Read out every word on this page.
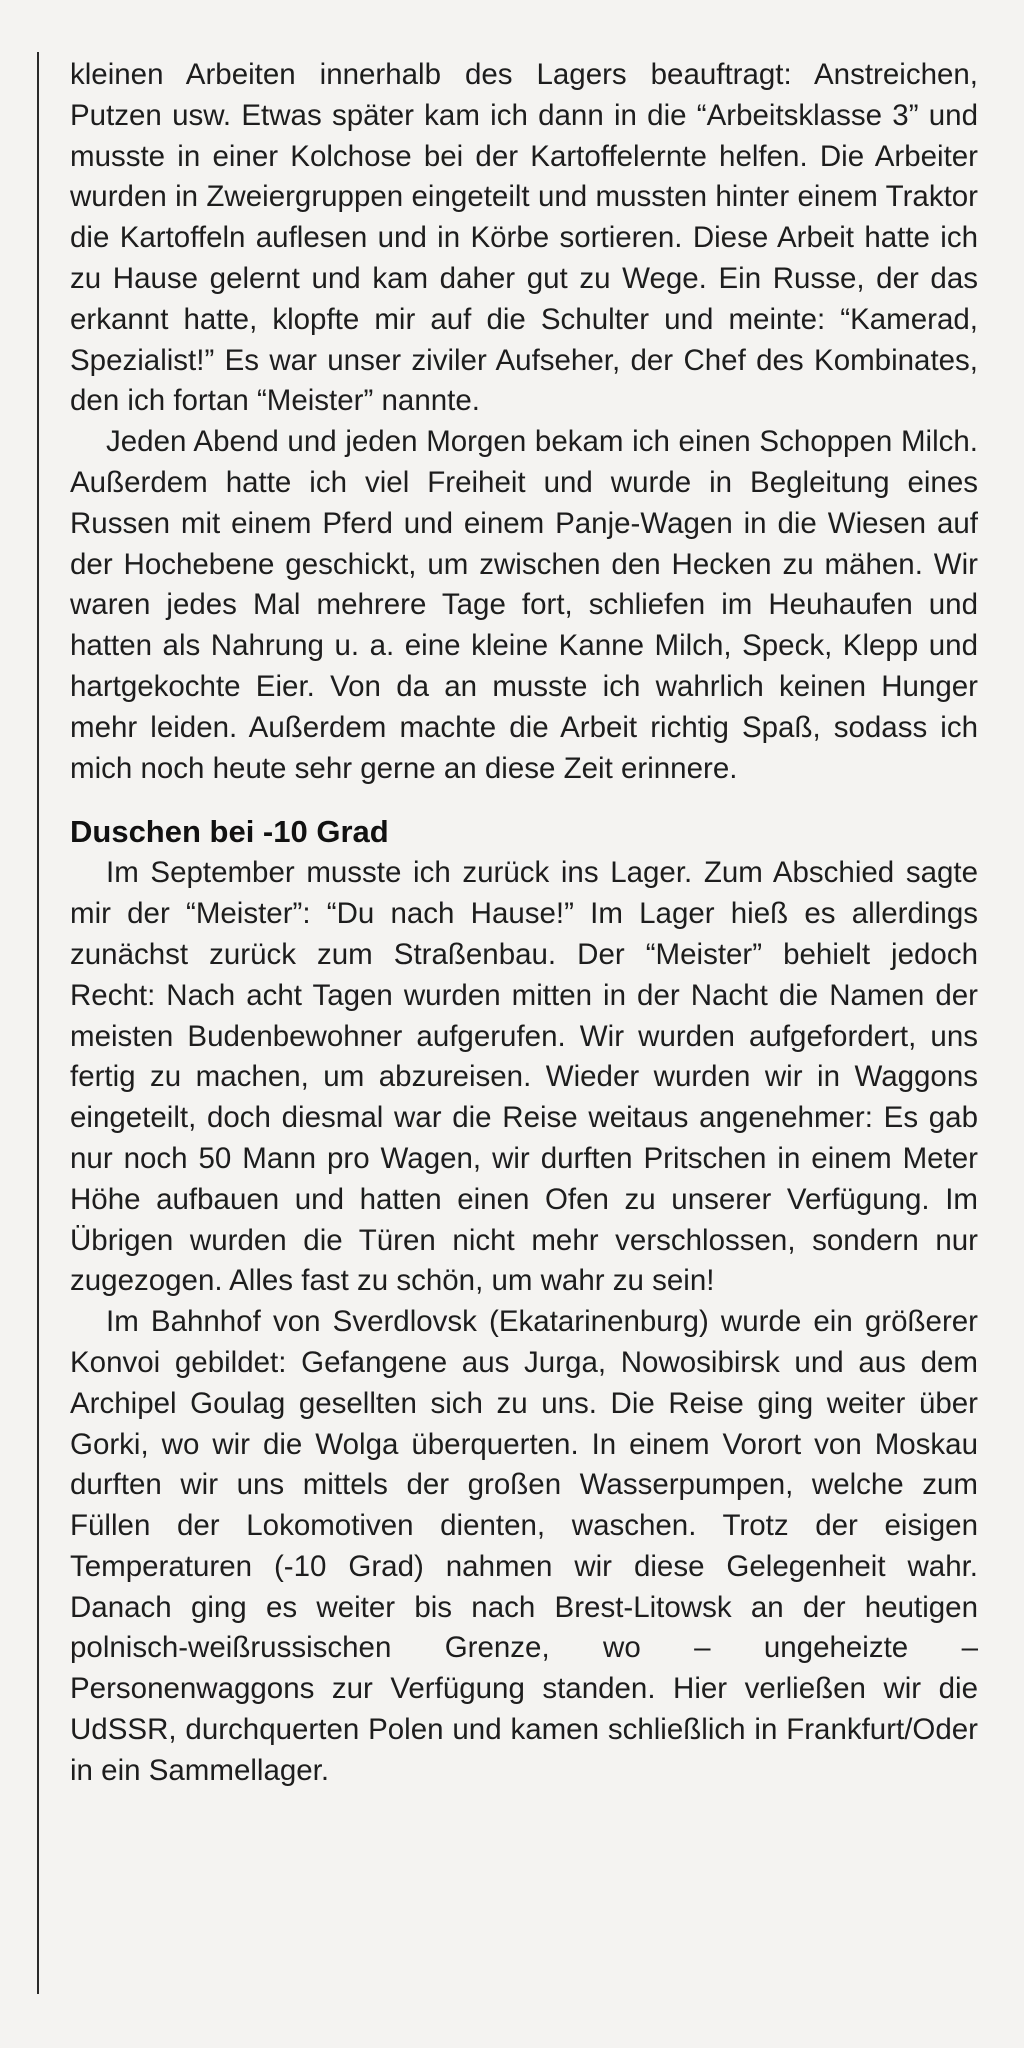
kleinen Arbeiten innerhalb des Lagers beauftragt: Anstreichen, Putzen usw. Etwas später kam ich dann in die “Arbeitsklasse 3” und musste in einer Kolchose bei der Kartoffelernte helfen. Die Arbeiter wurden in Zweiergruppen eingeteilt und mussten hinter einem Traktor die Kartoffeln auflesen und in Körbe sortieren. Diese Arbeit hatte ich zu Hause gelernt und kam daher gut zu Wege. Ein Russe, der das erkannt hatte, klopfte mir auf die Schulter und meinte: “Kamerad, Spezialist!” Es war unser ziviler Aufseher, der Chef des Kombinates, den ich fortan “Meister” nannte.

Jeden Abend und jeden Morgen bekam ich einen Schoppen Milch. Außerdem hatte ich viel Freiheit und wurde in Begleitung eines Russen mit einem Pferd und einem Panje-Wagen in die Wiesen auf der Hochebene geschickt, um zwischen den Hecken zu mähen. Wir waren jedes Mal mehrere Tage fort, schliefen im Heuhaufen und hatten als Nahrung u. a. eine kleine Kanne Milch, Speck, Klepp und hartgekochte Eier. Von da an musste ich wahrlich keinen Hunger mehr leiden. Außerdem machte die Arbeit richtig Spaß, sodass ich mich noch heute sehr gerne an diese Zeit erinnere.

Duschen bei -10 Grad

Im September musste ich zurück ins Lager. Zum Abschied sagte mir der “Meister”: “Du nach Hause!” Im Lager hieß es allerdings zunächst zurück zum Straßenbau. Der “Meister” behielt jedoch Recht: Nach acht Tagen wurden mitten in der Nacht die Namen der meisten Budenbewohner aufgerufen. Wir wurden aufgefordert, uns fertig zu machen, um abzureisen. Wieder wurden wir in Waggons eingeteilt, doch diesmal war die Reise weitaus angenehmer: Es gab nur noch 50 Mann pro Wagen, wir durften Pritschen in einem Meter Höhe aufbauen und hatten einen Ofen zu unserer Verfügung. Im Übrigen wurden die Türen nicht mehr verschlossen, sondern nur zugezogen. Alles fast zu schön, um wahr zu sein!

Im Bahnhof von Sverdlovsk (Ekatarinenburg) wurde ein größerer Konvoi gebildet: Gefangene aus Jurga, Nowosibirsk und aus dem Archipel Goulag gesellten sich zu uns. Die Reise ging weiter über Gorki, wo wir die Wolga überquerten. In einem Vorort von Moskau durften wir uns mittels der großen Wasserpumpen, welche zum Füllen der Lokomotiven dienten, waschen. Trotz der eisigen Temperaturen (-10 Grad) nahmen wir diese Gelegenheit wahr. Danach ging es weiter bis nach Brest-Litowsk an der heutigen polnisch-weißrussischen Grenze, wo – ungeheizte – Personenwaggons zur Verfügung standen. Hier verließen wir die UdSSR, durchquerten Polen und kamen schließlich in Frankfurt/Oder in ein Sammellager.
